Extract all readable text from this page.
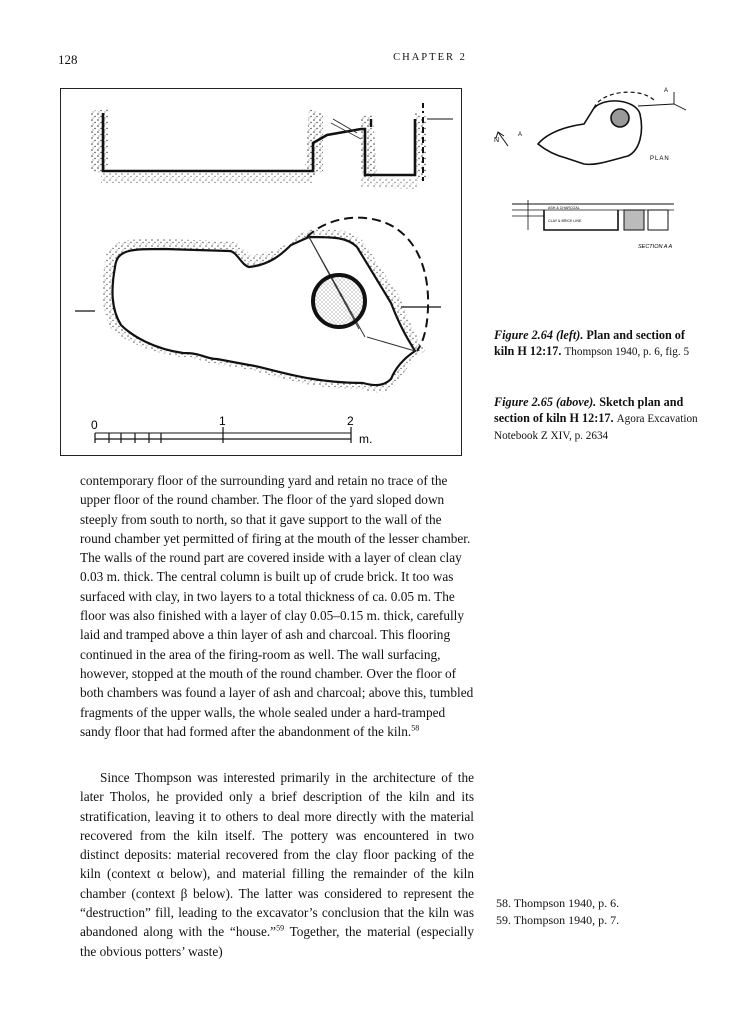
128	CHAPTER 2
0	1	2
m.
N
A
A
PLAN
ASH & CHARCOAL
CLAY & BRICK LINE
SECTION A A
Figure 2.64 (left). Plan and section of kiln H 12:17. Thompson 1940, p. 6, fig. 5
Figure 2.65 (above). Sketch plan and section of kiln H 12:17. Agora Excavation Notebook Z XIV, p. 2634

contemporary floor of the surrounding yard and retain no trace of the upper floor of the round chamber. The floor of the yard sloped down steeply from south to north, so that it gave support to the wall of the round chamber yet permitted of firing at the mouth of the lesser chamber. The walls of the round part are covered inside with a layer of clean clay 0.03 m. thick. The central column is built up of crude brick. It too was surfaced with clay, in two layers to a total thickness of ca. 0.05 m. The floor was also finished with a layer of clay 0.05–0.15 m. thick, carefully laid and tramped above a thin layer of ash and charcoal. This flooring continued in the area of the firing-room as well. The wall surfacing, however, stopped at the mouth of the round chamber. Over the floor of both chambers was found a layer of ash and charcoal; above this, tumbled fragments of the upper walls, the whole sealed under a hard-tramped sandy floor that had formed after the abandonment of the kiln.$^{58}$

Since Thompson was interested primarily in the architecture of the later Tholos, he provided only a brief description of the kiln and its stratification, leaving it to others to deal more directly with the material recovered from the kiln itself. The pottery was encountered in two distinct deposits: material recovered from the clay floor packing of the kiln (context α below), and material filling the remainder of the kiln chamber (context β below). The latter was considered to represent the “destruction” fill, leading to the excavator’s conclusion that the kiln was abandoned along with the “house.”$^{59}$ Together, the material (especially the obvious potters’ waste)

58. Thompson 1940, p. 6.
59. Thompson 1940, p. 7.
